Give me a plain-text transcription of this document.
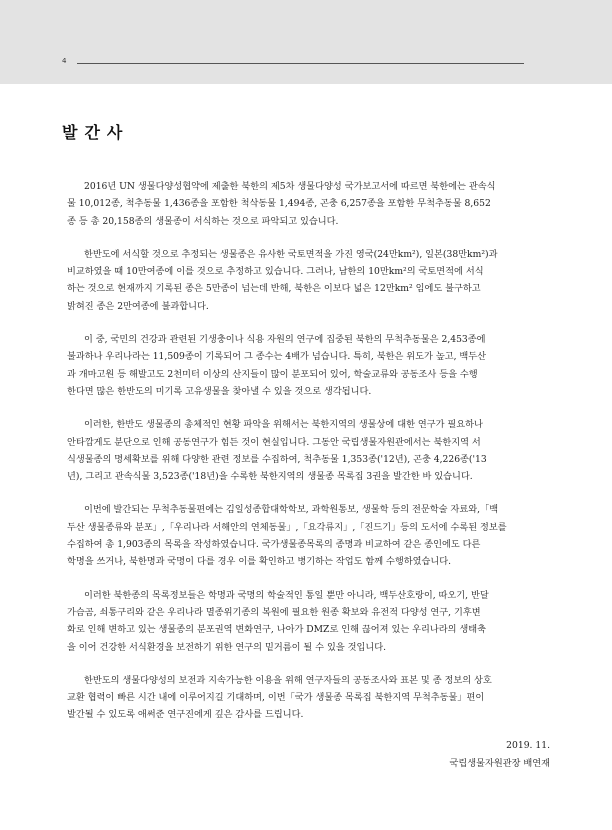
4
발간사

2016년 UN 생물다양성협약에 제출한 북한의 제5차 생물다양성 국가보고서에 따르면 북한에는 관속식
물 10,012종, 척추동물 1,436종을 포함한 척삭동물 1,494종, 곤충 6,257종을 포함한 무척추동물 8,652
종 등 총 20,158종의 생물종이 서식하는 것으로 파악되고 있습니다.

한반도에 서식할 것으로 추정되는 생물종은 유사한 국토면적을 가진 영국(24만km²), 일본(38만km²)과
비교하였을 때 10만여종에 이를 것으로 추정하고 있습니다. 그러나, 남한의 10만km²의 국토면적에 서식
하는 것으로 현재까지 기록된 종은 5만종이 넘는데 반해, 북한은 이보다 넓은 12만km² 임에도 불구하고
밝혀진 종은 2만여종에 불과합니다.

이 중, 국민의 건강과 관련된 기생충이나 식용 자원의 연구에 집중된 북한의 무척추동물은 2,453종에
불과하나 우리나라는 11,509종이 기록되어 그 종수는 4배가 넘습니다. 특히, 북한은 위도가 높고, 백두산
과 개마고원 등 해발고도 2천미터 이상의 산지들이 많이 분포되어 있어, 학술교류와 공동조사 등을 수행
한다면 많은 한반도의 미기록 고유생물을 찾아낼 수 있을 것으로 생각됩니다.

이러한, 한반도 생물종의 총체적인 현황 파악을 위해서는 북한지역의 생물상에 대한 연구가 필요하나
안타깝게도 분단으로 인해 공동연구가 힘든 것이 현실입니다. 그동안 국립생물자원관에서는 북한지역 서
식생물종의 명세확보를 위해 다양한 관련 정보를 수집하여, 척추동물 1,353종('12년), 곤충 4,226종('13
년), 그리고 관속식물 3,523종('18년)을 수록한 북한지역의 생물종 목록집 3권을 발간한 바 있습니다.

이번에 발간되는 무척추동물편에는 김일성종합대학학보, 과학원통보, 생물학 등의 전문학술 자료와,「백
두산 생물종류와 분포」,「우리나라 서해안의 연체동물」,「요각류지」,「진드기」등의 도서에 수록된 정보를
수집하여 총 1,903종의 목록을 작성하였습니다. 국가생물종목록의 종명과 비교하여 같은 종인에도 다른
학명을 쓰거나, 북한명과 국명이 다를 경우 이를 확인하고 병기하는 작업도 함께 수행하였습니다.

이러한 북한종의 목록정보들은 학명과 국명의 학술적인 통일 뿐만 아니라, 백두산호랑이, 따오기, 반달
가슴곰, 쇠통구리와 같은 우리나라 멸종위기종의 복원에 필요한 원종 확보와 유전적 다양성 연구, 기후변
화로 인해 변하고 있는 생물종의 분포권역 변화연구, 나아가 DMZ로 인해 끊어져 있는 우리나라의 생태축
을 이어 건강한 서식환경을 보전하기 위한 연구의 밑거름이 될 수 있을 것입니다.

한반도의 생물다양성의 보전과 지속가능한 이용을 위해 연구자들의 공동조사와 표본 및 종 정보의 상호
교환 협력이 빠른 시간 내에 이루어지길 기대하며, 이번「국가 생물종 목록집 북한지역 무척추동물」편이
발간될 수 있도록 애써준 연구진에게 깊은 감사를 드립니다.

2019. 11.
국립생물자원관장 배연재
